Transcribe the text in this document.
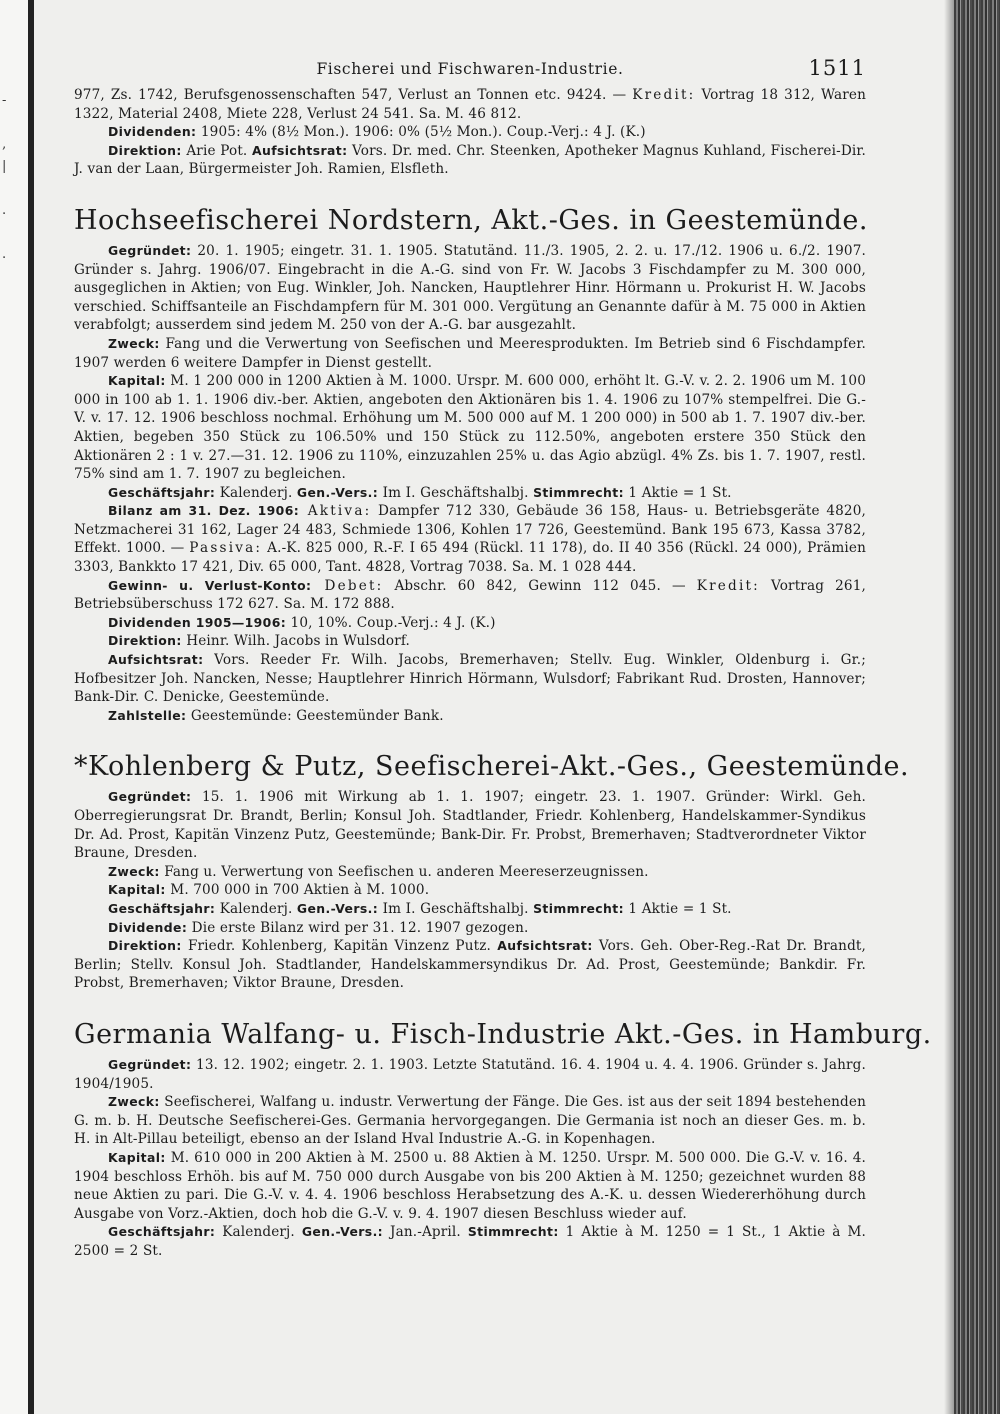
-

‚
|

.

.
Fischerei und Fischwaren-Industrie.	1511

977, Zs. 1742, Berufsgenossenschaften 547, Verlust an Tonnen etc. 9424. — Kredit: Vortrag 18 312, Waren 1322, Material 2408, Miete 228, Verlust 24 541. Sa. M. 46 812.

Dividenden: 1905: 4% (8½ Mon.). 1906: 0% (5½ Mon.). Coup.-Verj.: 4 J. (K.)

Direktion: Arie Pot. Aufsichtsrat: Vors. Dr. med. Chr. Steenken, Apotheker Magnus Kuhland, Fischerei-Dir. J. van der Laan, Bürgermeister Joh. Ramien, Elsfleth.

Hochseefischerei Nordstern, Akt.-Ges. in Geestemünde.

Gegründet: 20. 1. 1905; eingetr. 31. 1. 1905. Statutänd. 11./3. 1905, 2. 2. u. 17./12. 1906 u. 6./2. 1907. Gründer s. Jahrg. 1906/07. Eingebracht in die A.-G. sind von Fr. W. Jacobs 3 Fischdampfer zu M. 300 000, ausgeglichen in Aktien; von Eug. Winkler, Joh. Nancken, Hauptlehrer Hinr. Hörmann u. Prokurist H. W. Jacobs verschied. Schiffsanteile an Fischdampfern für M. 301 000. Vergütung an Genannte dafür à M. 75 000 in Aktien verabfolgt; ausserdem sind jedem M. 250 von der A.-G. bar ausgezahlt.

Zweck: Fang und die Verwertung von Seefischen und Meeresprodukten. Im Betrieb sind 6 Fischdampfer. 1907 werden 6 weitere Dampfer in Dienst gestellt.

Kapital: M. 1 200 000 in 1200 Aktien à M. 1000. Urspr. M. 600 000, erhöht lt. G.-V. v. 2. 2. 1906 um M. 100 000 in 100 ab 1. 1. 1906 div.-ber. Aktien, angeboten den Aktionären bis 1. 4. 1906 zu 107% stempelfrei. Die G.-V. v. 17. 12. 1906 beschloss nochmal. Erhöhung um M. 500 000 auf M. 1 200 000) in 500 ab 1. 7. 1907 div.-ber. Aktien, begeben 350 Stück zu 106.50% und 150 Stück zu 112.50%, angeboten erstere 350 Stück den Aktionären 2 : 1 v. 27.—31. 12. 1906 zu 110%, einzuzahlen 25% u. das Agio abzügl. 4% Zs. bis 1. 7. 1907, restl. 75% sind am 1. 7. 1907 zu begleichen.

Geschäftsjahr: Kalenderj. Gen.-Vers.: Im I. Geschäftshalbj. Stimmrecht: 1 Aktie = 1 St.

Bilanz am 31. Dez. 1906: Aktiva: Dampfer 712 330, Gebäude 36 158, Haus- u. Betriebsgeräte 4820, Netzmacherei 31 162, Lager 24 483, Schmiede 1306, Kohlen 17 726, Geestemünd. Bank 195 673, Kassa 3782, Effekt. 1000. — Passiva: A.-K. 825 000, R.-F. I 65 494 (Rückl. 11 178), do. II 40 356 (Rückl. 24 000), Prämien 3303, Bankkto 17 421, Div. 65 000, Tant. 4828, Vortrag 7038. Sa. M. 1 028 444.

Gewinn- u. Verlust-Konto: Debet: Abschr. 60 842, Gewinn 112 045. — Kredit: Vortrag 261, Betriebsüberschuss 172 627. Sa. M. 172 888.

Dividenden 1905—1906: 10, 10%. Coup.-Verj.: 4 J. (K.)

Direktion: Heinr. Wilh. Jacobs in Wulsdorf.

Aufsichtsrat: Vors. Reeder Fr. Wilh. Jacobs, Bremerhaven; Stellv. Eug. Winkler, Oldenburg i. Gr.; Hofbesitzer Joh. Nancken, Nesse; Hauptlehrer Hinrich Hörmann, Wulsdorf; Fabrikant Rud. Drosten, Hannover; Bank-Dir. C. Denicke, Geestemünde.

Zahlstelle: Geestemünde: Geestemünder Bank.

*Kohlenberg & Putz, Seefischerei-Akt.-Ges., Geestemünde.

Gegründet: 15. 1. 1906 mit Wirkung ab 1. 1. 1907; eingetr. 23. 1. 1907. Gründer: Wirkl. Geh. Oberregierungsrat Dr. Brandt, Berlin; Konsul Joh. Stadtlander, Friedr. Kohlenberg, Handelskammer-Syndikus Dr. Ad. Prost, Kapitän Vinzenz Putz, Geestemünde; Bank-Dir. Fr. Probst, Bremerhaven; Stadtverordneter Viktor Braune, Dresden.

Zweck: Fang u. Verwertung von Seefischen u. anderen Meereserzeugnissen.

Kapital: M. 700 000 in 700 Aktien à M. 1000.

Geschäftsjahr: Kalenderj. Gen.-Vers.: Im I. Geschäftshalbj. Stimmrecht: 1 Aktie = 1 St.

Dividende: Die erste Bilanz wird per 31. 12. 1907 gezogen.

Direktion: Friedr. Kohlenberg, Kapitän Vinzenz Putz. Aufsichtsrat: Vors. Geh. Ober-Reg.-Rat Dr. Brandt, Berlin; Stellv. Konsul Joh. Stadtlander, Handelskammersyndikus Dr. Ad. Prost, Geestemünde; Bankdir. Fr. Probst, Bremerhaven; Viktor Braune, Dresden.

Germania Walfang- u. Fisch-Industrie Akt.-Ges. in Hamburg.

Gegründet: 13. 12. 1902; eingetr. 2. 1. 1903. Letzte Statutänd. 16. 4. 1904 u. 4. 4. 1906. Gründer s. Jahrg. 1904/1905.

Zweck: Seefischerei, Walfang u. industr. Verwertung der Fänge. Die Ges. ist aus der seit 1894 bestehenden G. m. b. H. Deutsche Seefischerei-Ges. Germania hervorgegangen. Die Germania ist noch an dieser Ges. m. b. H. in Alt-Pillau beteiligt, ebenso an der Island Hval Industrie A.-G. in Kopenhagen.

Kapital: M. 610 000 in 200 Aktien à M. 2500 u. 88 Aktien à M. 1250. Urspr. M. 500 000. Die G.-V. v. 16. 4. 1904 beschloss Erhöh. bis auf M. 750 000 durch Ausgabe von bis 200 Aktien à M. 1250; gezeichnet wurden 88 neue Aktien zu pari. Die G.-V. v. 4. 4. 1906 beschloss Herabsetzung des A.-K. u. dessen Wiedererhöhung durch Ausgabe von Vorz.-Aktien, doch hob die G.-V. v. 9. 4. 1907 diesen Beschluss wieder auf.

Geschäftsjahr: Kalenderj. Gen.-Vers.: Jan.-April. Stimmrecht: 1 Aktie à M. 1250 = 1 St., 1 Aktie à M. 2500 = 2 St.
